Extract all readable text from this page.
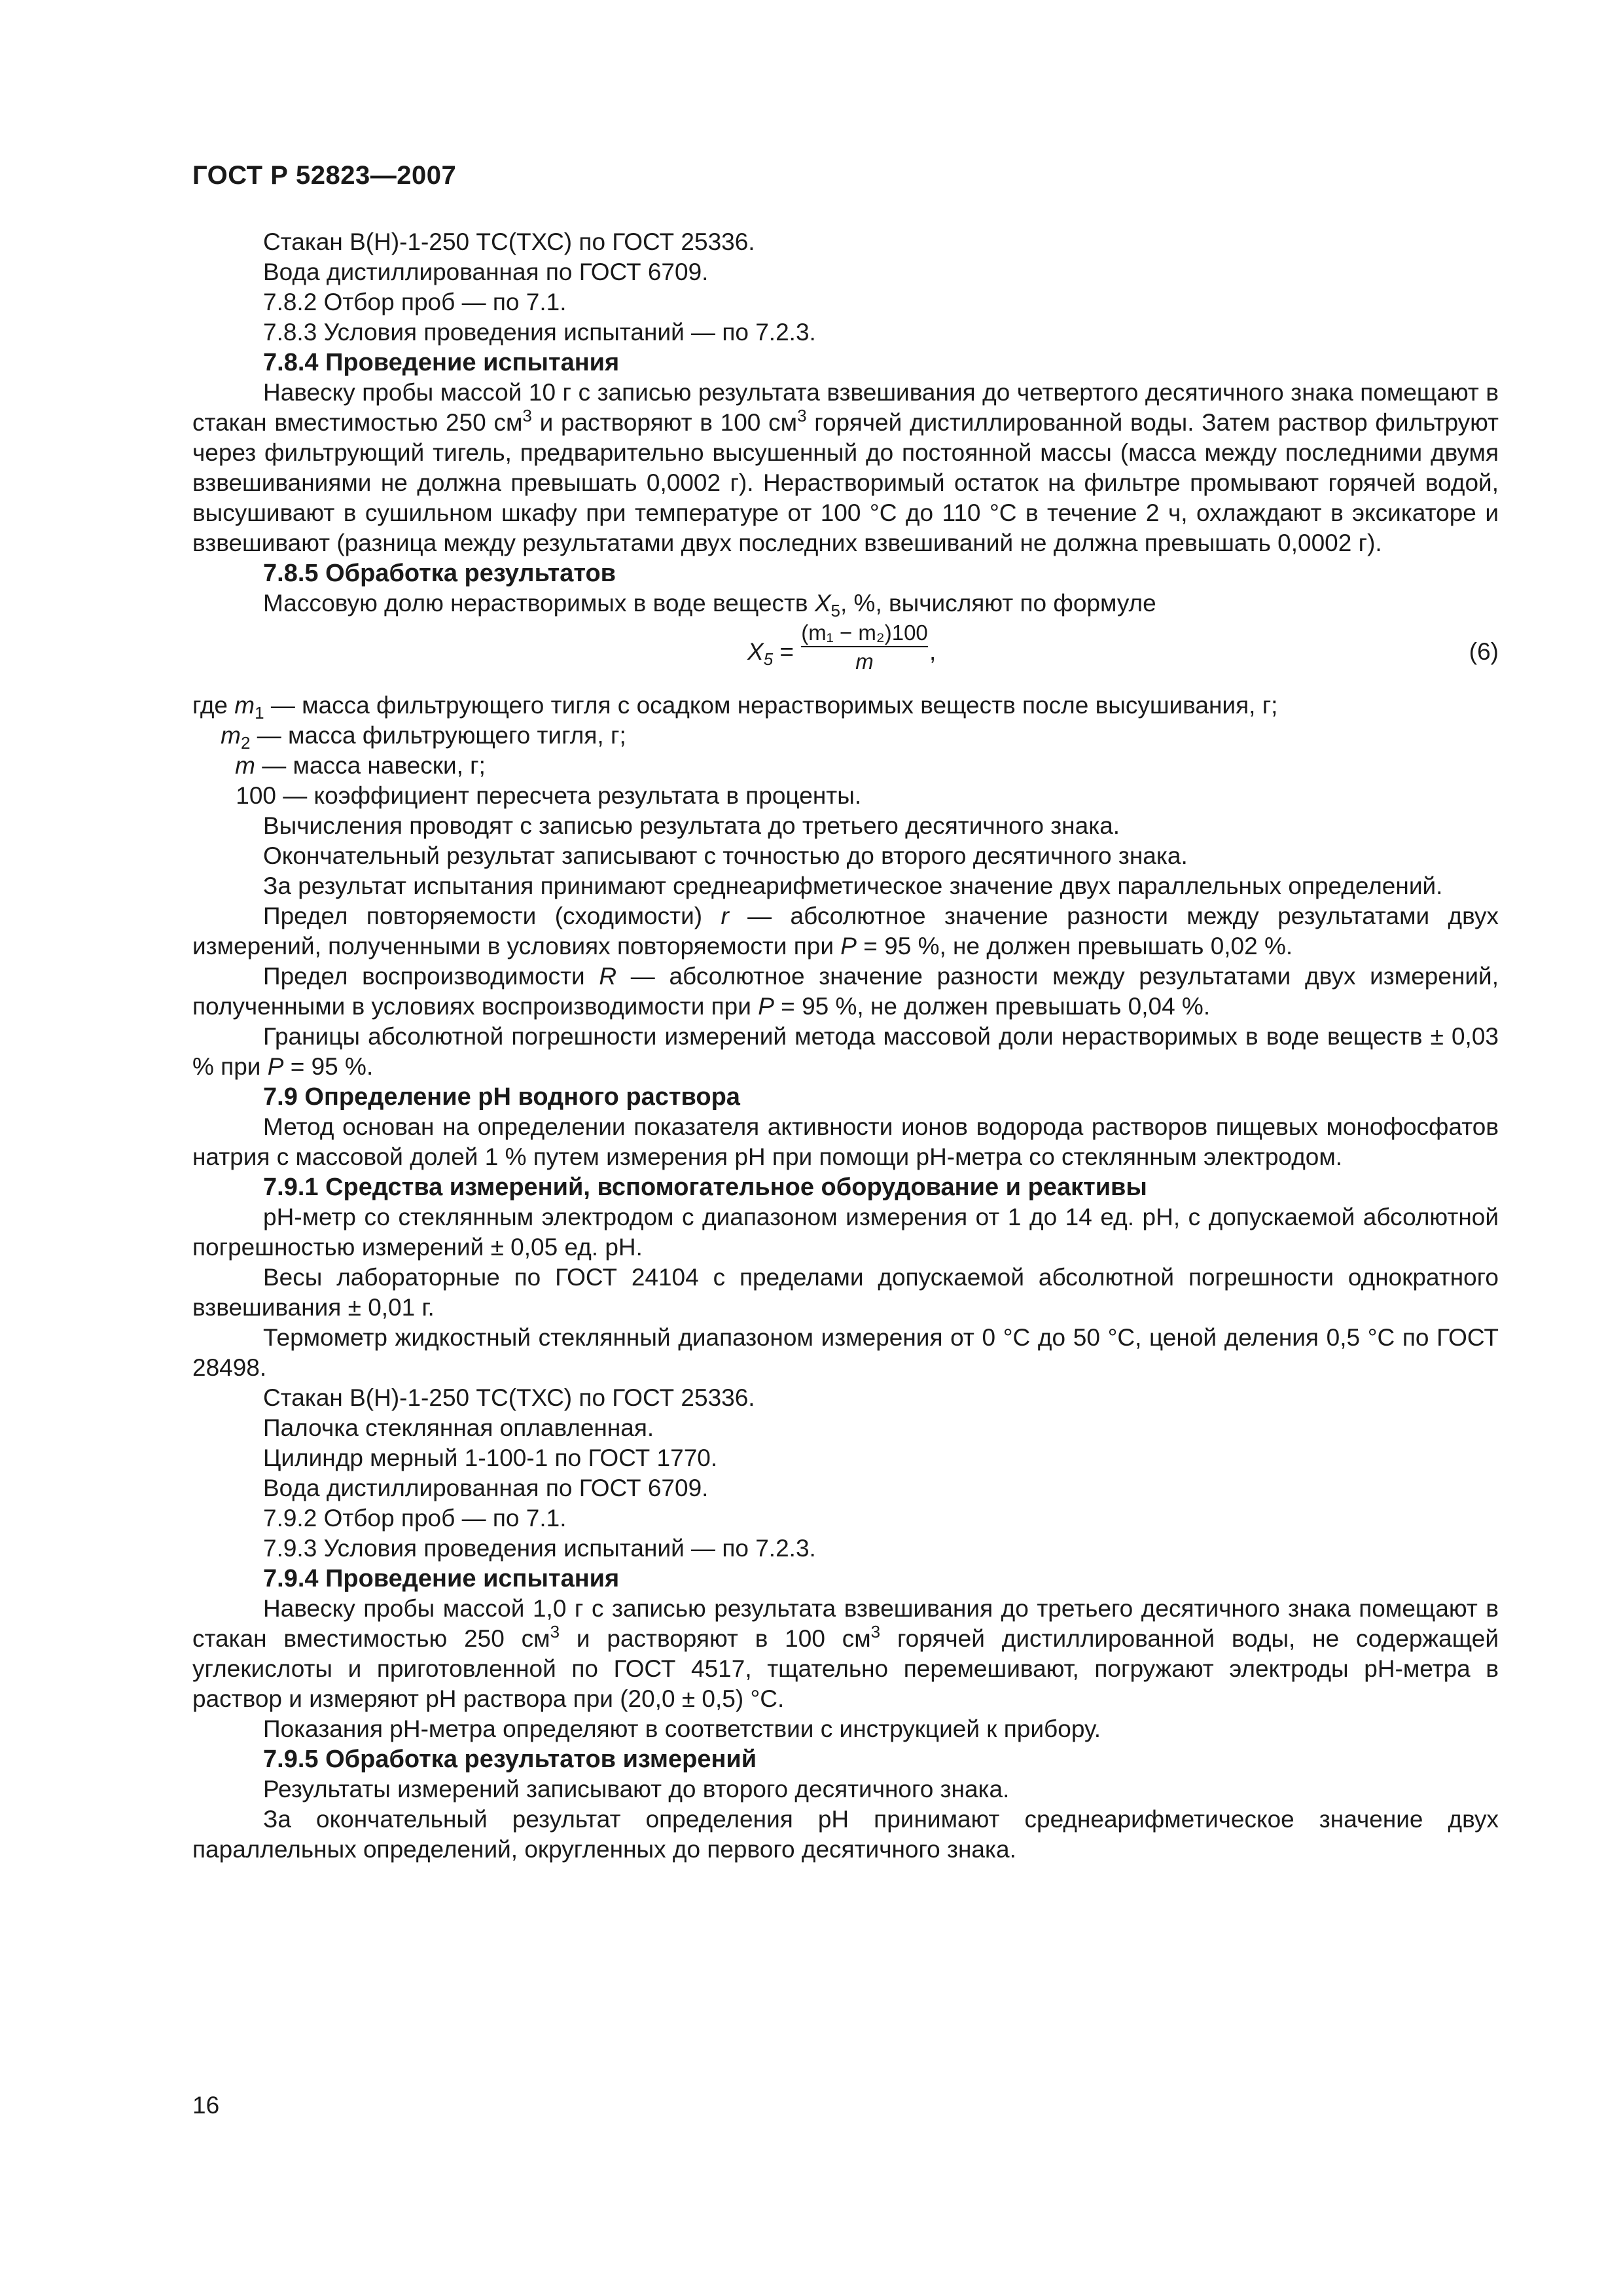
ГОСТ Р 52823—2007

Стакан В(Н)-1-250 ТС(ТХС) по ГОСТ 25336.

Вода дистиллированная по ГОСТ 6709.

7.8.2 Отбор проб — по 7.1.

7.8.3 Условия проведения испытаний — по 7.2.3.

7.8.4 Проведение испытания

Навеску пробы массой 10 г с записью результата взвешивания до четвертого десятичного знака помещают в стакан вместимостью 250 $см^3$ и растворяют в 100 $см^3$ горячей дистиллированной воды. Затем раствор фильтруют через фильтрующий тигель, предварительно высушенный до постоянной массы (масса между последними двумя взвешиваниями не должна превышать 0,0002 г). Нерастворимый остаток на фильтре промывают горячей водой, высушивают в сушильном шкафу при температуре от 100 °С до 110 °С в течение 2 ч, охлаждают в эксикаторе и взвешивают (разница между результатами двух последних взвешиваний не должна превышать 0,0002 г).

7.8.5 Обработка результатов

Массовую долю нерастворимых в воде веществ $X_5$, %, вычисляют по формуле

$X_5 = \frac{\text{(m₁ − m₂)100}}{m}$ ,	(6)

где $m_1$ — масса фильтрующего тигля с осадком нерастворимых веществ после высушивания, г;

$m_2$ — масса фильтрующего тигля, г;

m — масса навески, г;

100 — коэффициент пересчета результата в проценты.

Вычисления проводят с записью результата до третьего десятичного знака.

Окончательный результат записывают с точностью до второго десятичного знака.

За результат испытания принимают среднеарифметическое значение двух параллельных определений.

Предел повторяемости (сходимости) r — абсолютное значение разности между результатами двух измерений, полученными в условиях повторяемости при P = 95 %, не должен превышать 0,02 %.

Предел воспроизводимости R — абсолютное значение разности между результатами двух измерений, полученными в условиях воспроизводимости при P = 95 %, не должен превышать 0,04 %.

Границы абсолютной погрешности измерений метода массовой доли нерастворимых в воде веществ ± 0,03 % при P = 95 %.

7.9 Определение pH водного раствора

Метод основан на определении показателя активности ионов водорода растворов пищевых монофосфатов натрия с массовой долей 1 % путем измерения pH при помощи pH-метра со стеклянным электродом.

7.9.1 Средства измерений, вспомогательное оборудование и реактивы

pH-метр со стеклянным электродом с диапазоном измерения от 1 до 14 ед. pH, с допускаемой абсолютной погрешностью измерений ± 0,05 ед. pH.

Весы лабораторные по ГОСТ 24104 с пределами допускаемой абсолютной погрешности однократного взвешивания ± 0,01 г.

Термометр жидкостный стеклянный диапазоном измерения от 0 °С до 50 °С, ценой деления 0,5 °С по ГОСТ 28498.

Стакан В(Н)-1-250 ТС(ТХС) по ГОСТ 25336.

Палочка стеклянная оплавленная.

Цилиндр мерный 1-100-1 по ГОСТ 1770.

Вода дистиллированная по ГОСТ 6709.

7.9.2 Отбор проб — по 7.1.

7.9.3 Условия проведения испытаний — по 7.2.3.

7.9.4 Проведение испытания

Навеску пробы массой 1,0 г с записью результата взвешивания до третьего десятичного знака помещают в стакан вместимостью 250 $см^3$ и растворяют в 100 $см^3$ горячей дистиллированной воды, не содержащей углекислоты и приготовленной по ГОСТ 4517, тщательно перемешивают, погружают электроды pH-метра в раствор и измеряют pH раствора при (20,0 ± 0,5) °С.

Показания pH-метра определяют в соответствии с инструкцией к прибору.

7.9.5 Обработка результатов измерений

Результаты измерений записывают до второго десятичного знака.

За окончательный результат определения pH принимают среднеарифметическое значение двух параллельных определений, округленных до первого десятичного знака.

16
